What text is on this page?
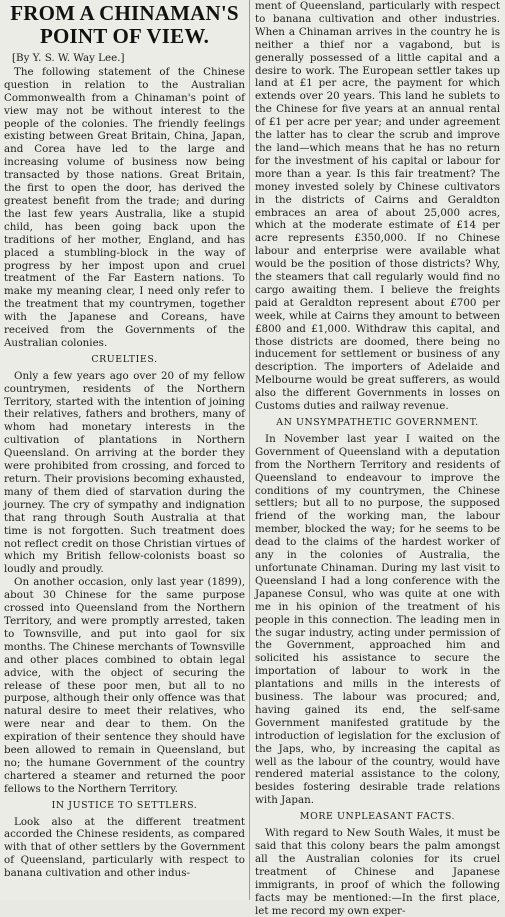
FROM A CHINAMAN'S
POINT OF VIEW.

[By Y. S. W. Way Lee.]

The following statement of the Chinese question in relation to the Australian Commonwealth from a Chinaman's point of view may not be without interest to the people of the colonies. The friendly feelings existing between Great Britain, China, Japan, and Corea have led to the large and increasing volume of business now being transacted by those nations. Great Britain, the first to open the door, has derived the greatest benefit from the trade; and during the last few years Australia, like a stupid child, has been going back upon the traditions of her mother, England, and has placed a stumbling-block in the way of progress by her impost upon and cruel treatment of the Far Eastern nations. To make my meaning clear, I need only refer to the treatment that my countrymen, together with the Japanese and Coreans, have received from the Governments of the Australian colonies.

CRUELTIES.

Only a few years ago over 20 of my fellow countrymen, residents of the Northern Territory, started with the intention of joining their relatives, fathers and brothers, many of whom had monetary interests in the cultivation of plantations in Northern Queensland. On arriving at the border they were prohibited from crossing, and forced to return. Their provisions becoming exhausted, many of them died of starvation during the journey. The cry of sympathy and indignation that rang through South Australia at that time is not forgotten. Such treatment does not reflect credit on those Christian virtues of which my British fellow-colonists boast so loudly and proudly.

On another occasion, only last year (1899), about 30 Chinese for the same purpose crossed into Queensland from the Northern Territory, and were promptly arrested, taken to Townsville, and put into gaol for six months. The Chinese merchants of Townsville and other places combined to obtain legal advice, with the object of securing the release of these poor men, but all to no purpose, although their only offence was that natural desire to meet their relatives, who were near and dear to them. On the expiration of their sentence they should have been allowed to remain in Queensland, but no; the humane Government of the country chartered a steamer and returned the poor fellows to the Northern Territory.

IN JUSTICE TO SETTLERS.

Look also at the different treatment accorded the Chinese residents, as compared with that of other settlers by the Government of Queensland, particularly with respect to banana cultivation and other indus-

ment of Queensland, particularly with respect to banana cultivation and other industries. When a Chinaman arrives in the country he is neither a thief nor a vagabond, but is generally possessed of a little capital and a desire to work. The European settler takes up land at £1 per acre, the payment for which extends over 20 years. This land he sublets to the Chinese for five years at an annual rental of £1 per acre per year; and under agreement the latter has to clear the scrub and improve the land—which means that he has no return for the investment of his capital or labour for more than a year. Is this fair treatment? The money invested solely by Chinese cultivators in the districts of Cairns and Geraldton embraces an area of about 25,000 acres, which at the moderate estimate of £14 per acre represents £350,000. If no Chinese labour and enterprise were available what would be the position of those districts? Why, the steamers that call regularly would find no cargo awaiting them. I believe the freights paid at Geraldton represent about £700 per week, while at Cairns they amount to between £800 and £1,000. Withdraw this capital, and those districts are doomed, there being no inducement for settlement or business of any description. The importers of Adelaide and Melbourne would be great sufferers, as would also the different Governments in losses on Customs duties and railway revenue.

AN UNSYMPATHETIC GOVERNMENT.

In November last year I waited on the Government of Queensland with a deputation from the Northern Territory and residents of Queensland to endeavour to improve the conditions of my countrymen, the Chinese settlers; but all to no purpose, the supposed friend of the working man, the labour member, blocked the way; for he seems to be dead to the claims of the hardest worker of any in the colonies of Australia, the unfortunate Chinaman. During my last visit to Queensland I had a long conference with the Japanese Consul, who was quite at one with me in his opinion of the treatment of his people in this connection. The leading men in the sugar industry, acting under permission of the Government, approached him and solicited his assistance to secure the importation of labour to work in the plantations and mills in the interests of business. The labour was procured; and, having gained its end, the self-same Government manifested gratitude by the introduction of legislation for the exclusion of the Japs, who, by increasing the capital as well as the labour of the country, would have rendered material assistance to the colony, besides fostering desirable trade relations with Japan.

MORE UNPLEASANT FACTS.

With regard to New South Wales, it must be said that this colony bears the palm amongst all the Australian colonies for its cruel treatment of Chinese and Japanese immigrants, in proof of which the following facts may be mentioned:—In the first place, let me record my own exper-
